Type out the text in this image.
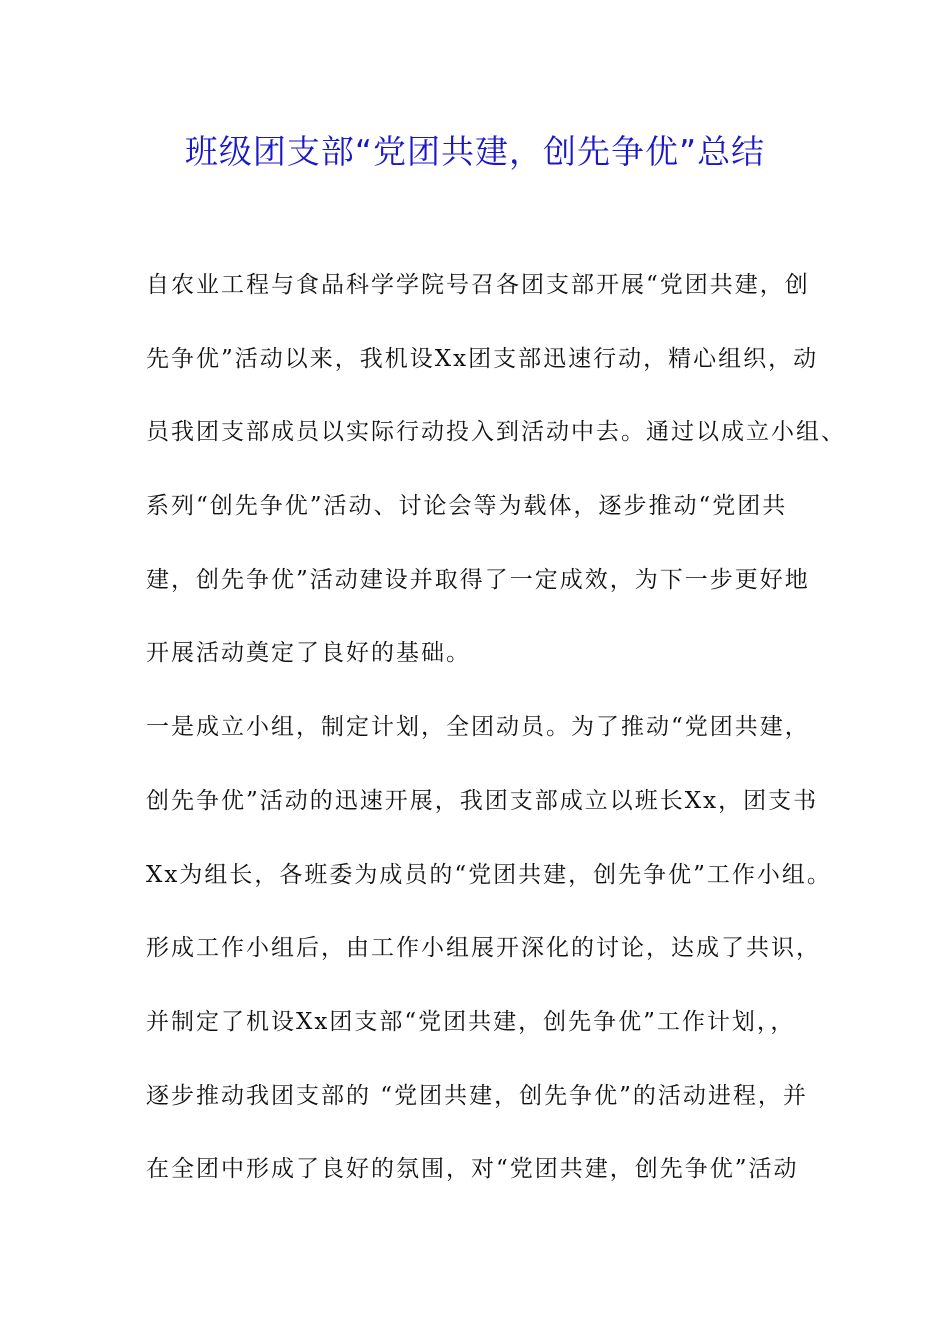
班级团支部“党团共建，创先争优”总结
自农业工程与食品科学学院号召各团支部开展“党团共建，创
先争优”活动以来，我机设Xx团支部迅速行动，精心组织，动
员我团支部成员以实际行动投入到活动中去。通过以成立小组、
系列“创先争优”活动、讨论会等为载体，逐步推动“党团共
建，创先争优”活动建设并取得了一定成效，为下一步更好地
开展活动奠定了良好的基础。
一是成立小组，制定计划，全团动员。为了推动“党团共建，
创先争优”活动的迅速开展，我团支部成立以班长Xx，团支书
Xx为组长，各班委为成员的“党团共建，创先争优”工作小组。
形成工作小组后，由工作小组展开深化的讨论，达成了共识，
并制定了机设Xx团支部“党团共建，创先争优”工作计划，，
逐步推动我团支部的 “党团共建，创先争优”的活动进程，并
在全团中形成了良好的氛围，对“党团共建，创先争优”活动
